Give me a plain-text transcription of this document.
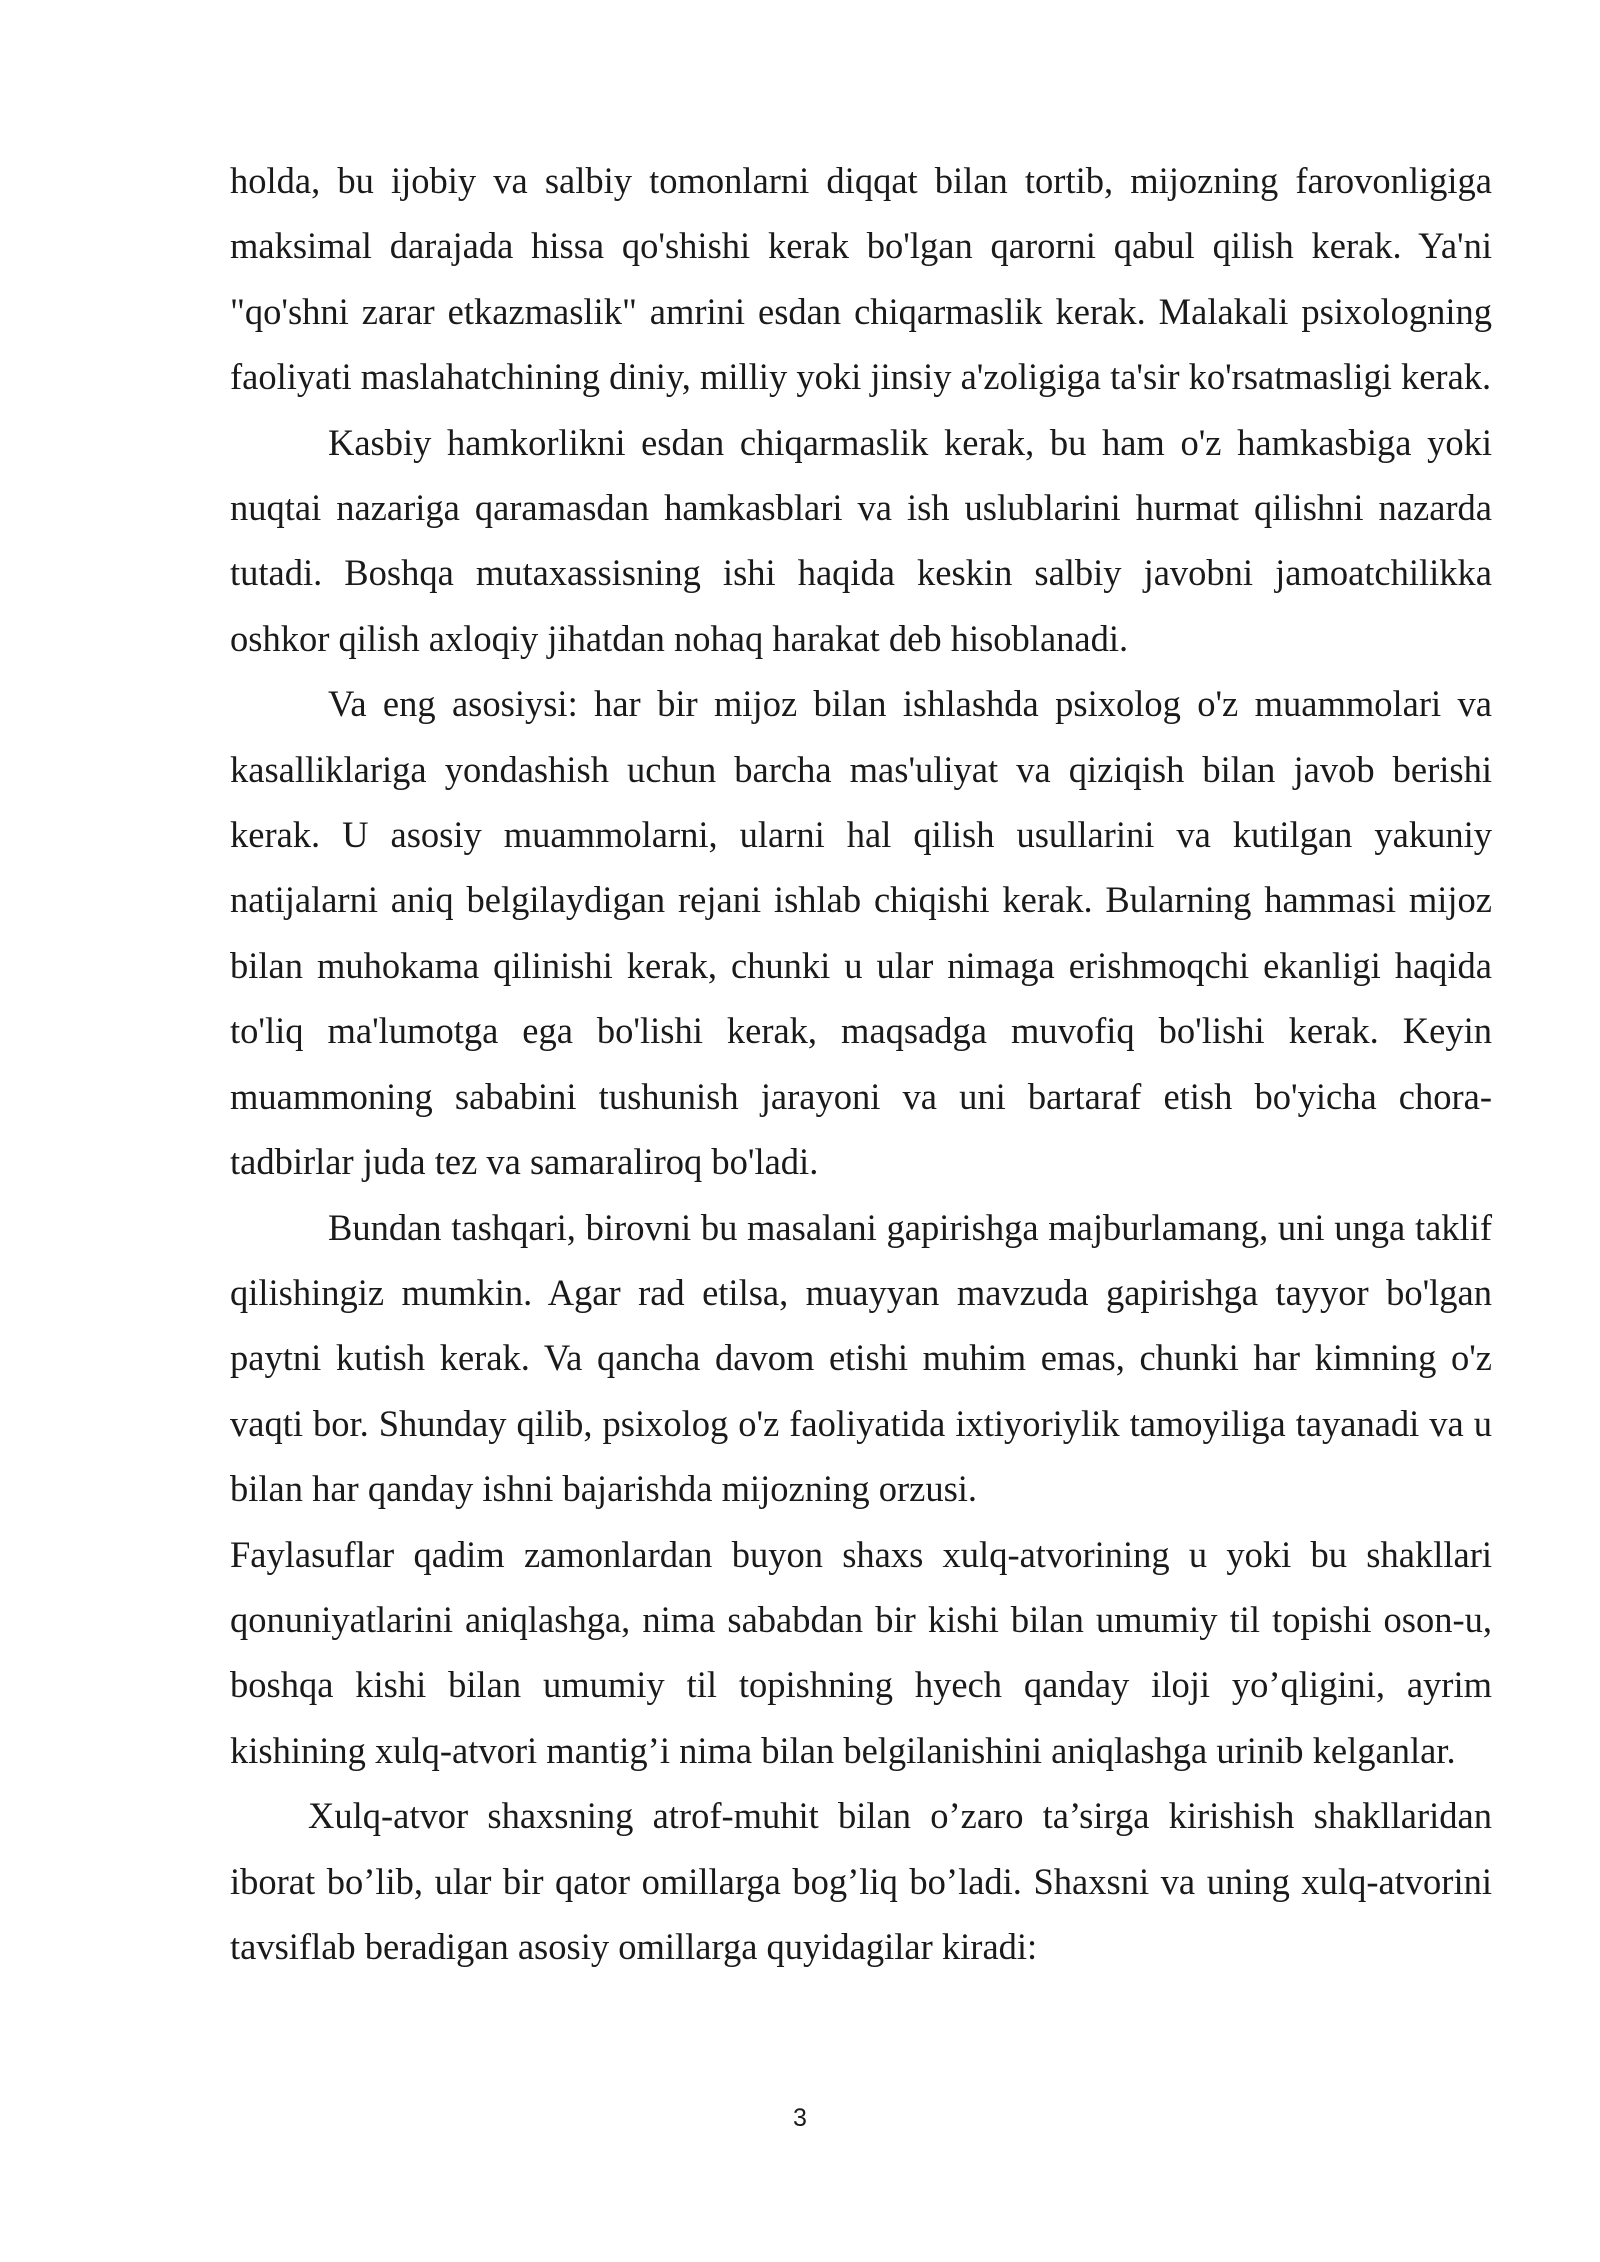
holda, bu ijobiy va salbiy tomonlarni diqqat bilan tortib, mijozning farovonligiga maksimal darajada hissa qo'shishi kerak bo'lgan qarorni qabul qilish kerak. Ya'ni "qo'shni zarar etkazmaslik" amrini esdan chiqarmaslik kerak. Malakali psixologning faoliyati maslahatchining diniy, milliy yoki jinsiy a'zoligiga ta'sir ko'rsatmasligi kerak.

Kasbiy hamkorlikni esdan chiqarmaslik kerak, bu ham o'z hamkasbiga yoki nuqtai nazariga qaramasdan hamkasblari va ish uslublarini hurmat qilishni nazarda tutadi. Boshqa mutaxassisning ishi haqida keskin salbiy javobni jamoatchilikka oshkor qilish axloqiy jihatdan nohaq harakat deb hisoblanadi.

Va eng asosiysi: har bir mijoz bilan ishlashda psixolog o'z muammolari va kasalliklariga yondashish uchun barcha mas'uliyat va qiziqish bilan javob berishi kerak. U asosiy muammolarni, ularni hal qilish usullarini va kutilgan yakuniy natijalarni aniq belgilaydigan rejani ishlab chiqishi kerak. Bularning hammasi mijoz bilan muhokama qilinishi kerak, chunki u ular nimaga erishmoqchi ekanligi haqida to'liq ma'lumotga ega bo'lishi kerak, maqsadga muvofiq bo'lishi kerak. Keyin muammoning sababini tushunish jarayoni va uni bartaraf etish bo'yicha chora-tadbirlar juda tez va samaraliroq bo'ladi.

Bundan tashqari, birovni bu masalani gapirishga majburlamang, uni unga taklif qilishingiz mumkin. Agar rad etilsa, muayyan mavzuda gapirishga tayyor bo'lgan paytni kutish kerak. Va qancha davom etishi muhim emas, chunki har kimning o'z vaqti bor. Shunday qilib, psixolog o'z faoliyatida ixtiyoriylik tamoyiliga tayanadi va u bilan har qanday ishni bajarishda mijozning orzusi.

Faylasuflar qadim zamonlardan buyon shaxs xulq-atvorining u yoki bu shakllari qonuniyatlarini aniqlashga, nima sababdan bir kishi bilan umumiy til topishi oson-u, boshqa kishi bilan umumiy til topishning hyech qanday iloji yo’qligini, ayrim kishining xulq-atvori mantig’i nima bilan belgilanishini aniqlashga urinib kelganlar.

Xulq-atvor shaxsning atrof-muhit bilan o’zaro ta’sirga kirishish shakllaridan iborat bo’lib, ular bir qator omillarga bog’liq bo’ladi. Shaxsni va uning xulq-atvorini tavsiflab beradigan asosiy omillarga quyidagilar kiradi:

3
